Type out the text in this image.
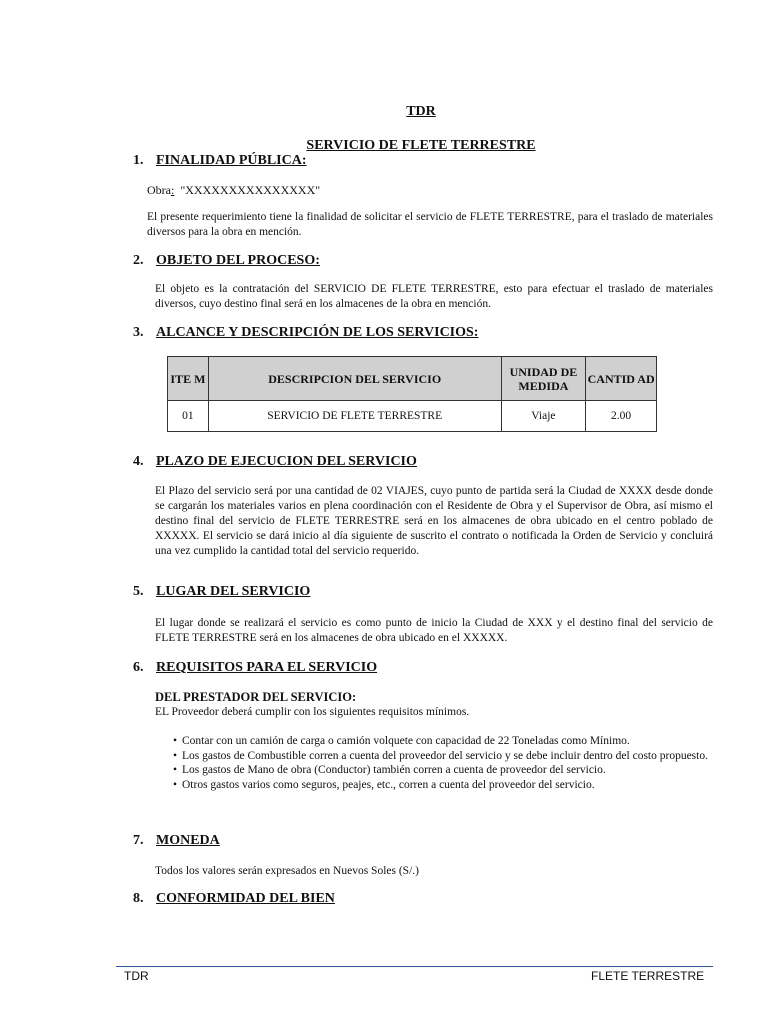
TDR
SERVICIO DE FLETE TERRESTRE
1. FINALIDAD PÚBLICA:
Obra: "XXXXXXXXXXXXXXX"
El presente requerimiento tiene la finalidad de solicitar el servicio de FLETE TERRESTRE, para el traslado de materiales diversos para la obra en mención.
2. OBJETO DEL PROCESO:
El objeto es la contratación del SERVICIO DE FLETE TERRESTRE, esto para efectuar el traslado de materiales diversos, cuyo destino final será en los almacenes de la obra en mención.
3. ALCANCE Y DESCRIPCIÓN DE LOS SERVICIOS:
ITE M	DESCRIPCION DEL SERVICIO	UNIDAD DE MEDIDA	CANTID AD
01	SERVICIO DE FLETE TERRESTRE	Viaje	2.00
4. PLAZO DE EJECUCION DEL SERVICIO
El Plazo del servicio será por una cantidad de 02 VIAJES, cuyo punto de partida será la Ciudad de XXXX desde donde se cargarán los materiales varios en plena coordinación con el Residente de Obra y el Supervisor de Obra, así mismo el destino final del servicio de FLETE TERRESTRE será en los almacenes de obra ubicado en el centro poblado de XXXXX. El servicio se dará inicio al día siguiente de suscrito el contrato o notificada la Orden de Servicio y concluirá una vez cumplido la cantidad total del servicio requerido.
5. LUGAR DEL SERVICIO
El lugar donde se realizará el servicio es como punto de inicio la Ciudad de XXX y el destino final del servicio de FLETE TERRESTRE será en los almacenes de obra ubicado en el XXXXX.
6. REQUISITOS PARA EL SERVICIO
DEL PRESTADOR DEL SERVICIO:
EL Proveedor deberá cumplir con los siguientes requisitos mínimos.
• Contar con un camión de carga o camión volquete con capacidad de 22 Toneladas como Mínimo.
• Los gastos de Combustible corren a cuenta del proveedor del servicio y se debe incluir dentro del costo propuesto.
• Los gastos de Mano de obra (Conductor) también corren a cuenta de proveedor del servicio.
• Otros gastos varios como seguros, peajes, etc., corren a cuenta del proveedor del servicio.
7. MONEDA
Todos los valores serán expresados en Nuevos Soles (S/.)
8. CONFORMIDAD DEL BIEN
TDR	FLETE TERRESTRE
